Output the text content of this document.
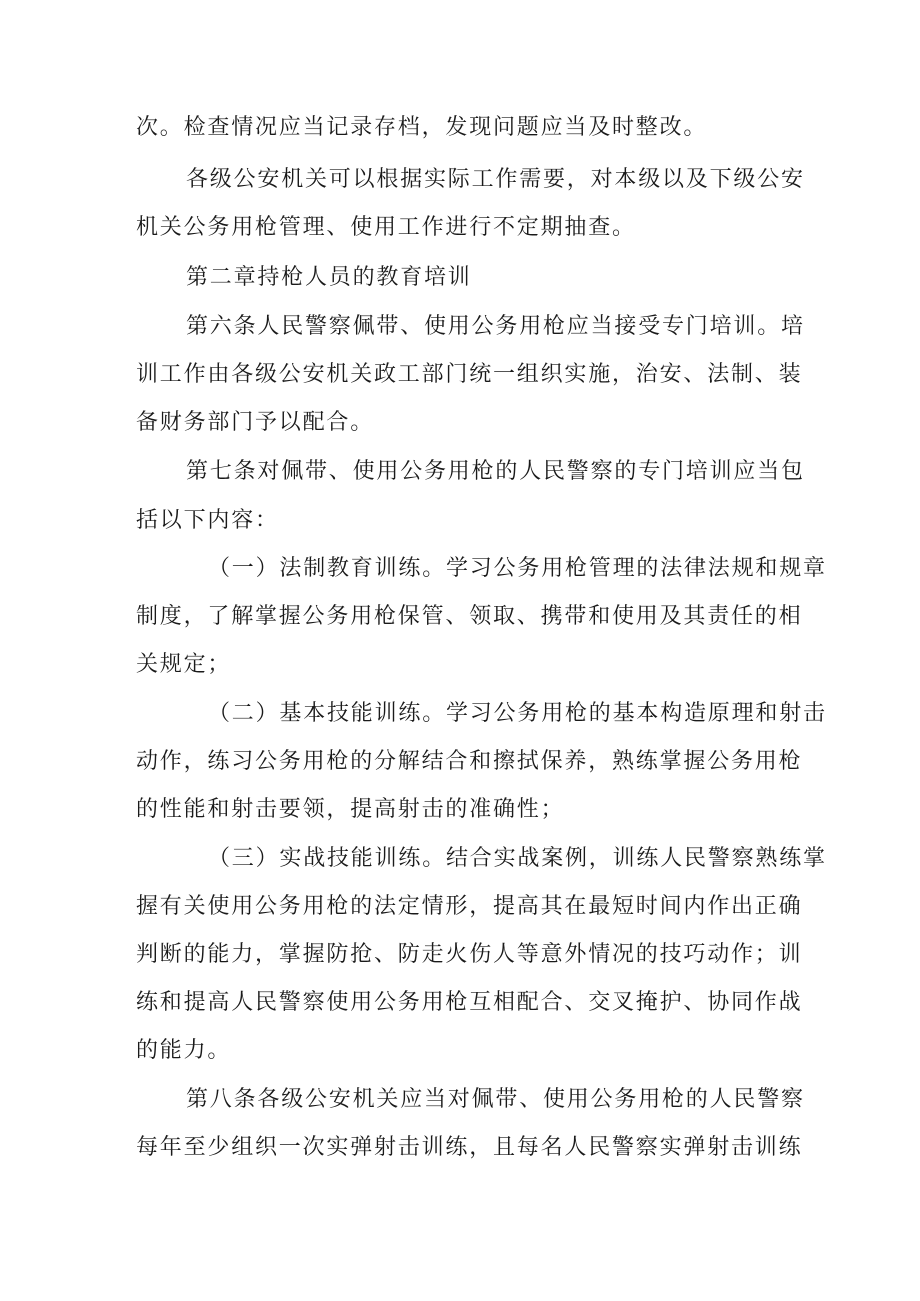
次。检查情况应当记录存档，发现问题应当及时整改。
各级公安机关可以根据实际工作需要，对本级以及下级公安
机关公务用枪管理、使用工作进行不定期抽查。
第二章持枪人员的教育培训
第六条人民警察佩带、使用公务用枪应当接受专门培训。培
训工作由各级公安机关政工部门统一组织实施，治安、法制、装
备财务部门予以配合。
第七条对佩带、使用公务用枪的人民警察的专门培训应当包
括以下内容：
（一）法制教育训练。学习公务用枪管理的法律法规和规章
制度，了解掌握公务用枪保管、领取、携带和使用及其责任的相
关规定；
（二）基本技能训练。学习公务用枪的基本构造原理和射击
动作，练习公务用枪的分解结合和擦拭保养，熟练掌握公务用枪
的性能和射击要领，提高射击的准确性；
（三）实战技能训练。结合实战案例，训练人民警察熟练掌
握有关使用公务用枪的法定情形，提高其在最短时间内作出正确
判断的能力，掌握防抢、防走火伤人等意外情况的技巧动作；训
练和提高人民警察使用公务用枪互相配合、交叉掩护、协同作战
的能力。
第八条各级公安机关应当对佩带、使用公务用枪的人民警察
每年至少组织一次实弹射击训练，且每名人民警察实弹射击训练
